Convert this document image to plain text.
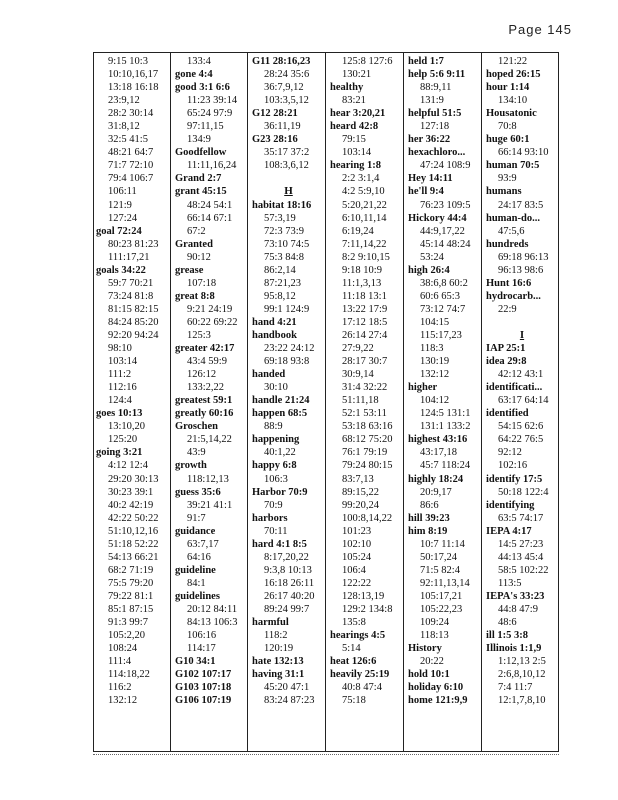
Page 145
9:15 10:3
10:10,16,17
13:18 16:18
23:9,12
28:2 30:14
31:8,12
32:5 41:5
48:21 64:7
71:7 72:10
79:4 106:7
106:11
121:9
127:24
goal 72:24
80:23 81:23
111:17,21
goals 34:22
59:7 70:21
73:24 81:8
81:15 82:15
84:24 85:20
92:20 94:24
98:10
103:14
111:2
112:16
124:4
goes 10:13
13:10,20
125:20
going 3:21
4:12 12:4
29:20 30:13
30:23 39:1
40:2 42:19
42:22 50:22
51:10,12,16
51:18 52:22
54:13 66:21
68:2 71:19
75:5 79:20
79:22 81:1
85:1 87:15
91:3 99:7
105:2,20
108:24
111:4
114:18,22
116:2
132:12
133:4
gone 4:4
good 3:1 6:6
11:23 39:14
65:24 97:9
97:11,15
134:9
Goodfellow
11:11,16,24
Grand 2:7
grant 45:15
48:24 54:1
66:14 67:1
67:2
Granted
90:12
grease
107:18
great 8:8
9:21 24:19
60:22 69:22
125:3
greater 42:17
43:4 59:9
126:12
133:2,22
greatest 59:1
greatly 60:16
Groschen
21:5,14,22
43:9
growth
118:12,13
guess 35:6
39:21 41:1
91:7
guidance
63:7,17
64:16
guideline
84:1
guidelines
20:12 84:11
84:13 106:3
106:16
114:17
G10 34:1
G102 107:17
G103 107:18
G106 107:19
G11 28:16,23
28:24 35:6
36:7,9,12
103:3,5,12
G12 28:21
36:11,19
G23 28:16
35:17 37:2
108:3,6,12
H
habitat 18:16
57:3,19
72:3 73:9
73:10 74:5
75:3 84:8
86:2,14
87:21,23
95:8,12
99:1 124:9
hand 4:21
handbook
23:22 24:12
69:18 93:8
handed
30:10
handle 21:24
happen 68:5
88:9
happening
40:1,22
happy 6:8
106:3
Harbor 70:9
70:9
harbors
70:11
hard 4:1 8:5
8:17,20,22
9:3,8 10:13
16:18 26:11
26:17 40:20
89:24 99:7
harmful
118:2
120:19
hate 132:13
having 31:1
45:20 47:1
83:24 87:23
125:8 127:6
130:21
healthy
83:21
hear 3:20,21
heard 42:8
79:15
103:14
hearing 1:8
2:2 3:1,4
4:2 5:9,10
5:20,21,22
6:10,11,14
6:19,24
7:11,14,22
8:2 9:10,15
9:18 10:9
11:1,3,13
11:18 13:1
13:22 17:9
17:12 18:5
26:14 27:4
27:9,22
28:17 30:7
30:9,14
31:4 32:22
51:11,18
52:1 53:11
53:18 63:16
68:12 75:20
76:1 79:19
79:24 80:15
83:7,13
89:15,22
99:20,24
100:8,14,22
101:23
102:10
105:24
106:4
122:22
128:13,19
129:2 134:8
135:8
hearings 4:5
5:14
heat 126:6
heavily 25:19
40:8 47:4
75:18
held 1:7
help 5:6 9:11
88:9,11
131:9
helpful 51:5
127:18
her 36:22
hexachloro...
47:24 108:9
Hey 14:11
he'll 9:4
76:23 109:5
Hickory 44:4
44:9,17,22
45:14 48:24
53:24
high 26:4
38:6,8 60:2
60:6 65:3
73:12 74:7
104:15
115:17,23
118:3
130:19
132:12
higher
104:12
124:5 131:1
131:1 133:2
highest 43:16
43:17,18
45:7 118:24
highly 18:24
20:9,17
86:6
hill 39:23
him 8:19
10:7 11:14
50:17,24
71:5 82:4
92:11,13,14
105:17,21
105:22,23
109:24
118:13
History
20:22
hold 10:1
holiday 6:10
home 121:9,9
121:22
hoped 26:15
hour 1:14
134:10
Housatonic
70:8
huge 60:1
66:14 93:10
human 70:5
93:9
humans
24:17 83:5
human-do...
47:5,6
hundreds
69:18 96:13
96:13 98:6
Hunt 16:6
hydrocarb...
22:9
I
IAP 25:1
idea 29:8
42:12 43:1
identificati...
63:17 64:14
identified
54:15 62:6
64:22 76:5
92:12
102:16
identify 17:5
50:18 122:4
identifying
63:5 74:17
IEPA 4:17
14:5 27:23
44:13 45:4
58:5 102:22
113:5
IEPA's 33:23
44:8 47:9
48:6
ill 1:5 3:8
Illinois 1:1,9
1:12,13 2:5
2:6,8,10,12
7:4 11:7
12:1,7,8,10
